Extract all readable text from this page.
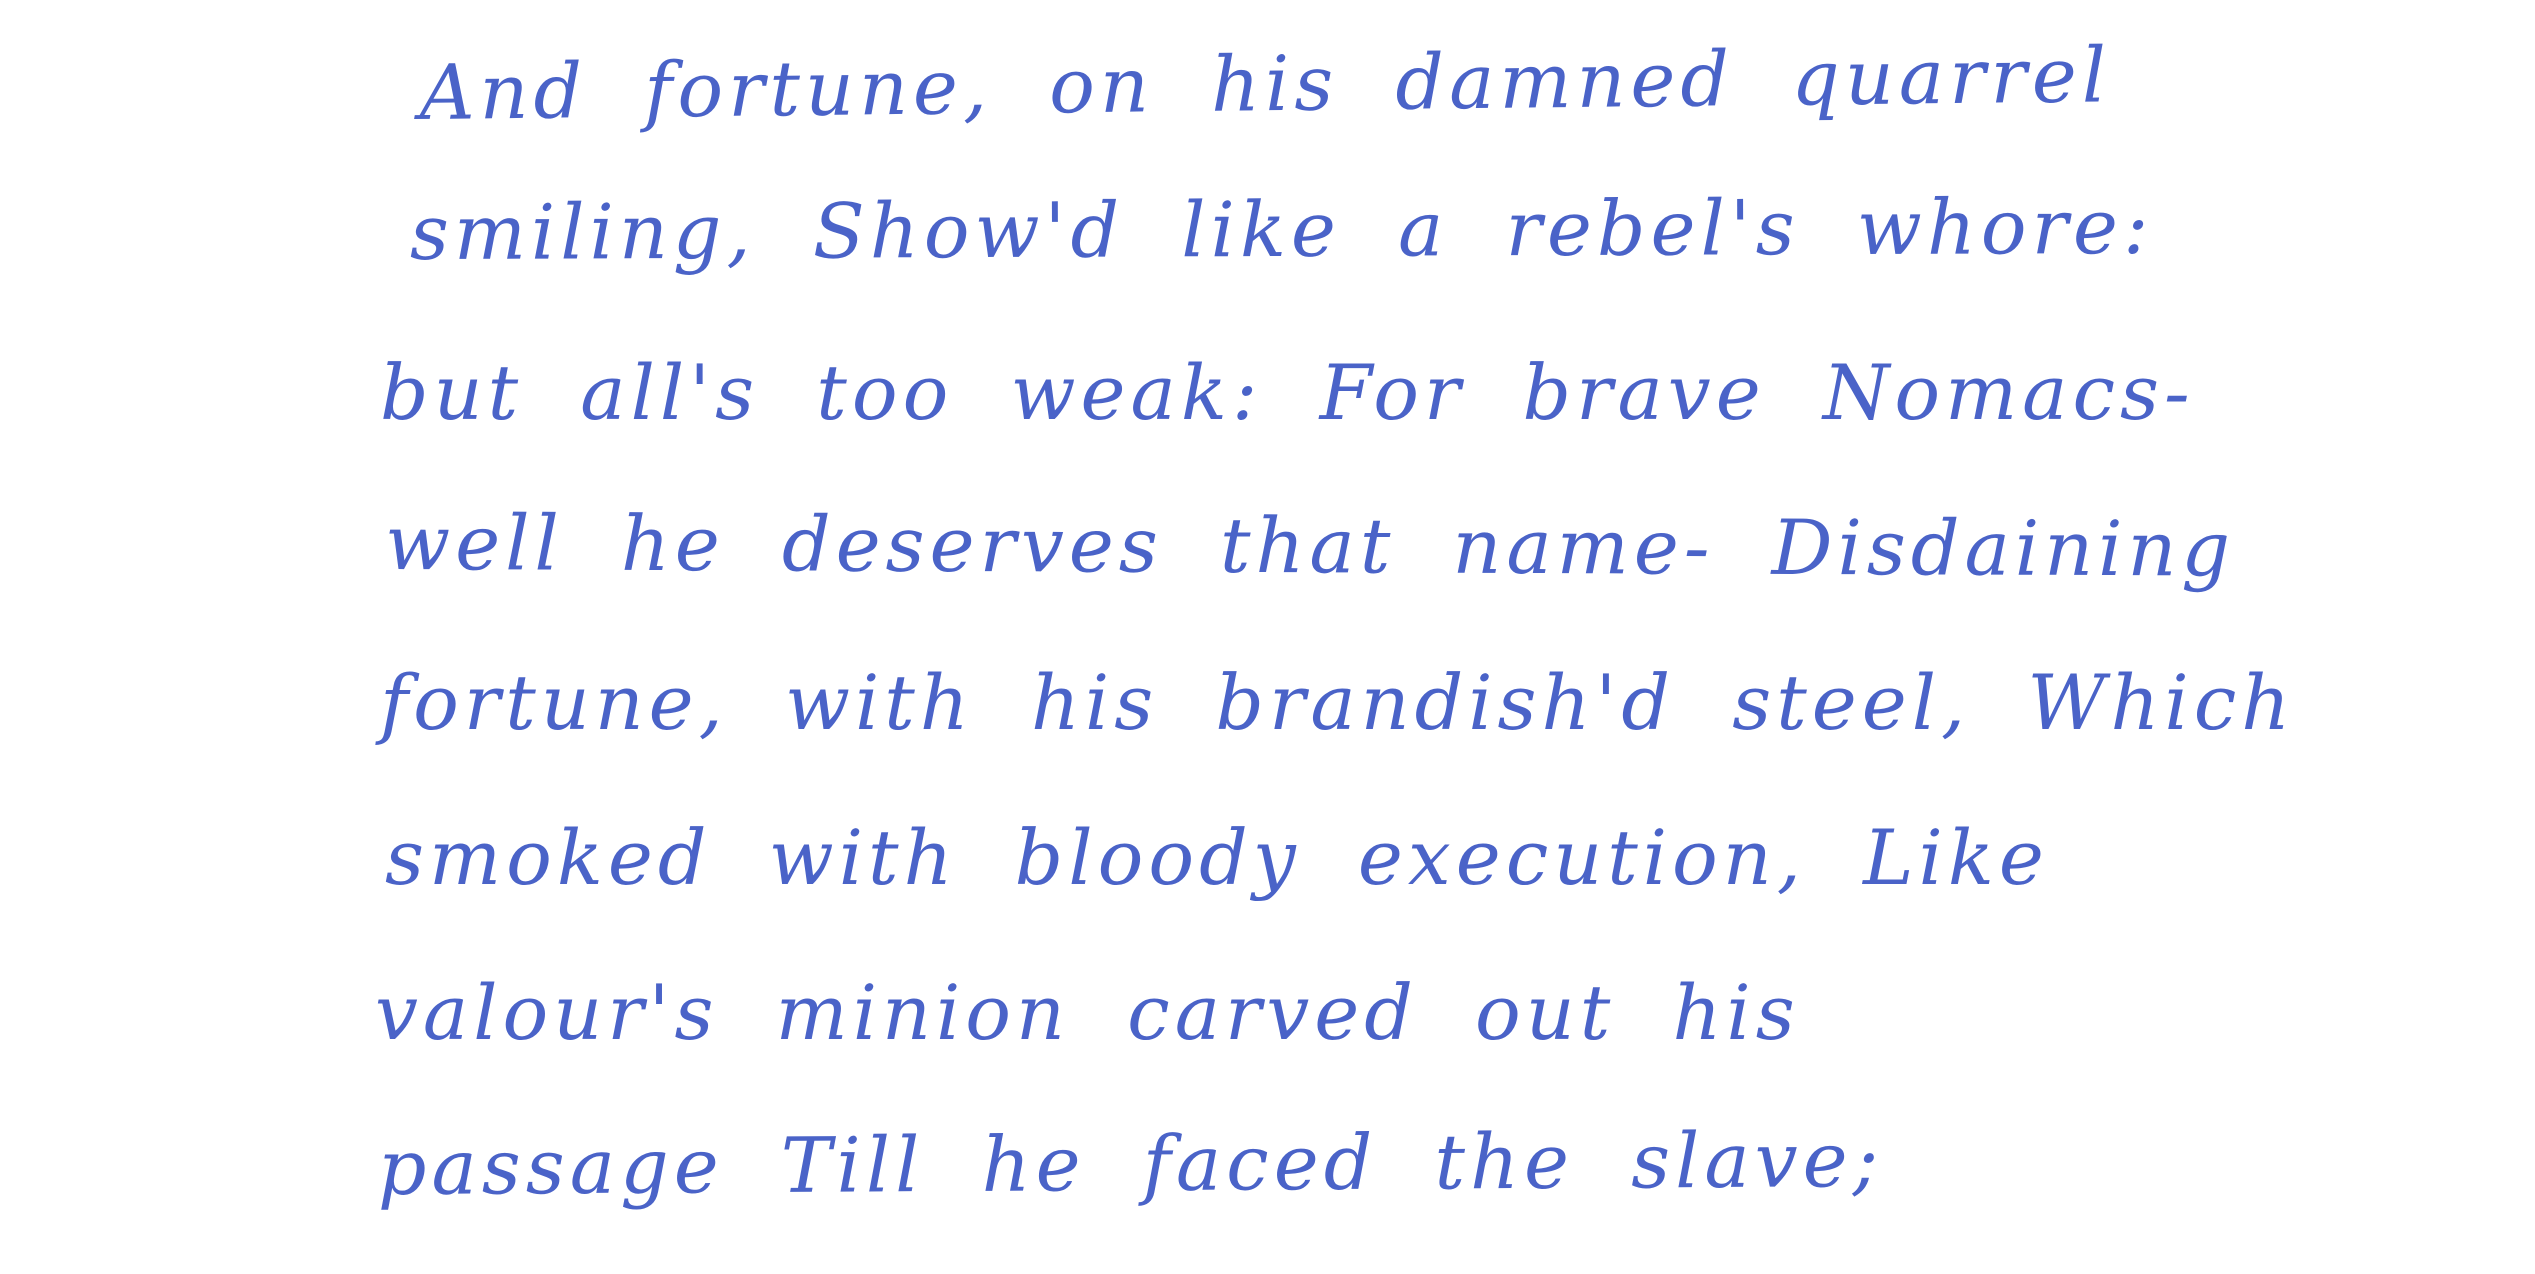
And fortune, on his damned quarrel
smiling, Show'd like a rebel's whore:
but all's too weak: For brave Nomacs-
well he deserves that name- Disdaining
fortune, with his brandish'd steel, Which
smoked with bloody execution, Like
valour's minion carved out his
passage Till he faced the slave;
